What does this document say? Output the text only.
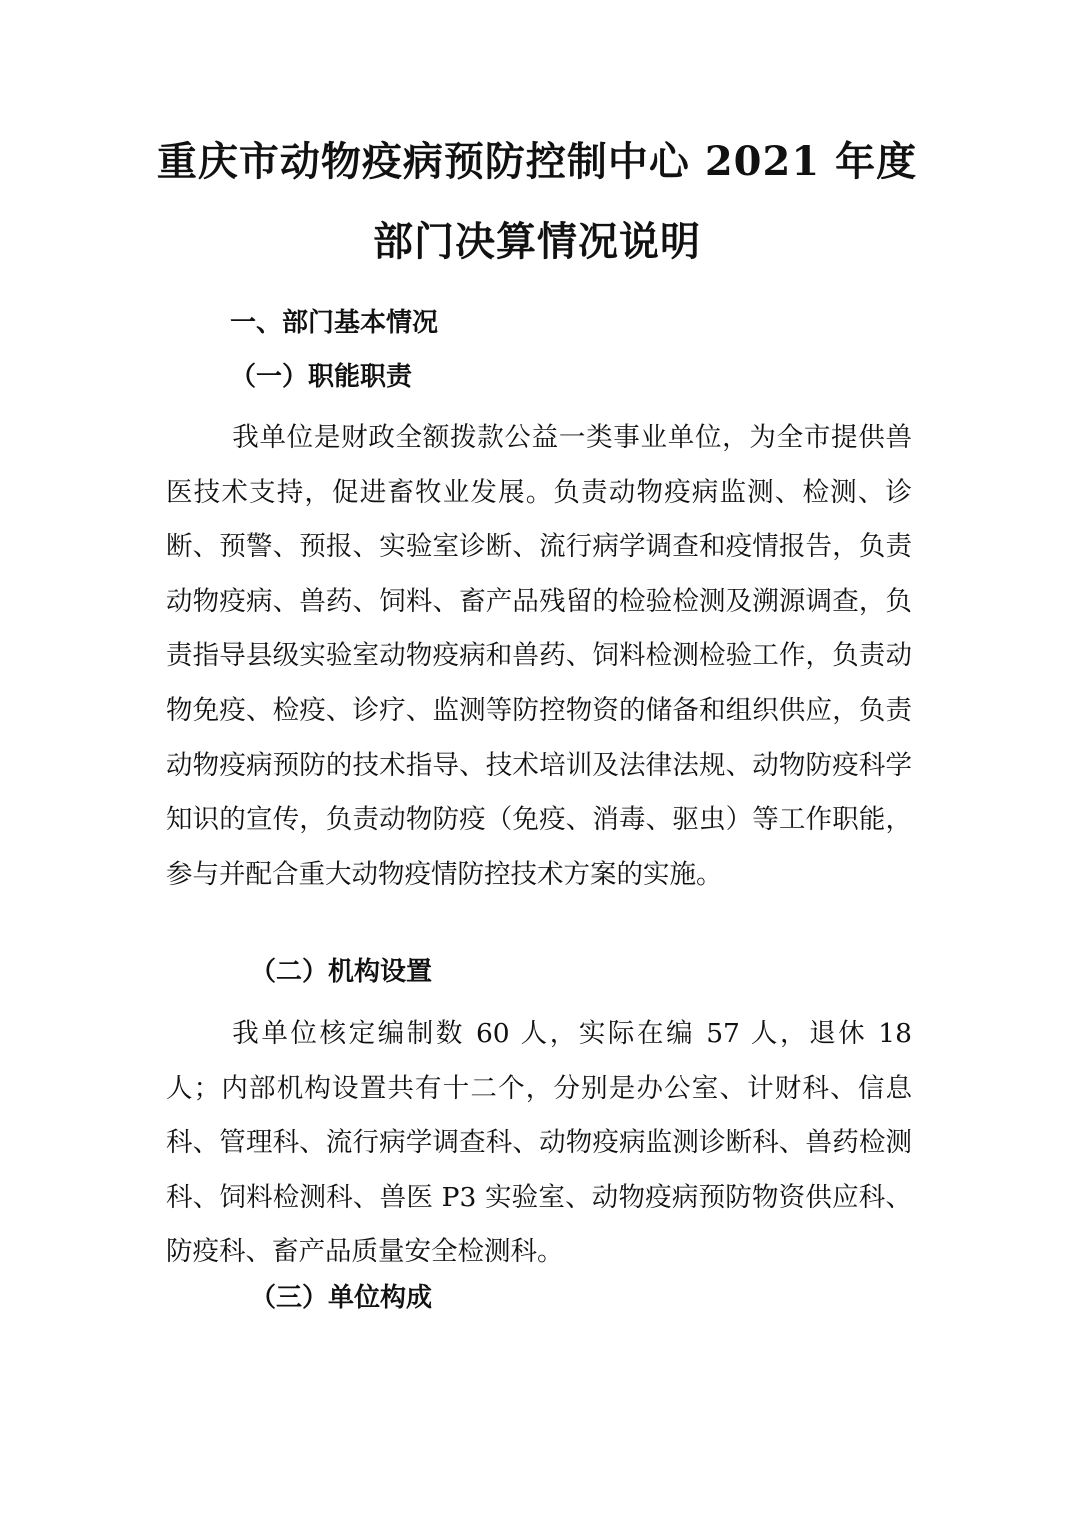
重庆市动物疫病预防控制中心 2021 年度
部门决算情况说明
一、部门基本情况
（一）职能职责

我单位是财政全额拨款公益一类事业单位，为全市提供兽医技术支持，促进畜牧业发展。负责动物疫病监测、检测、诊断、预警、预报、实验室诊断、流行病学调查和疫情报告，负责动物疫病、兽药、饲料、畜产品残留的检验检测及溯源调查，负责指导县级实验室动物疫病和兽药、饲料检测检验工作，负责动物免疫、检疫、诊疗、监测等防控物资的储备和组织供应，负责动物疫病预防的技术指导、技术培训及法律法规、动物防疫科学知识的宣传，负责动物防疫（免疫、消毒、驱虫）等工作职能，参与并配合重大动物疫情防控技术方案的实施。

（二）机构设置

我单位核定编制数 60 人，实际在编 57 人，退休 18 人；内部机构设置共有十二个，分别是办公室、计财科、信息科、管理科、流行病学调查科、动物疫病监测诊断科、兽药检测科、饲料检测科、兽医 P3 实验室、动物疫病预防物资供应科、防疫科、畜产品质量安全检测科。

（三）单位构成
